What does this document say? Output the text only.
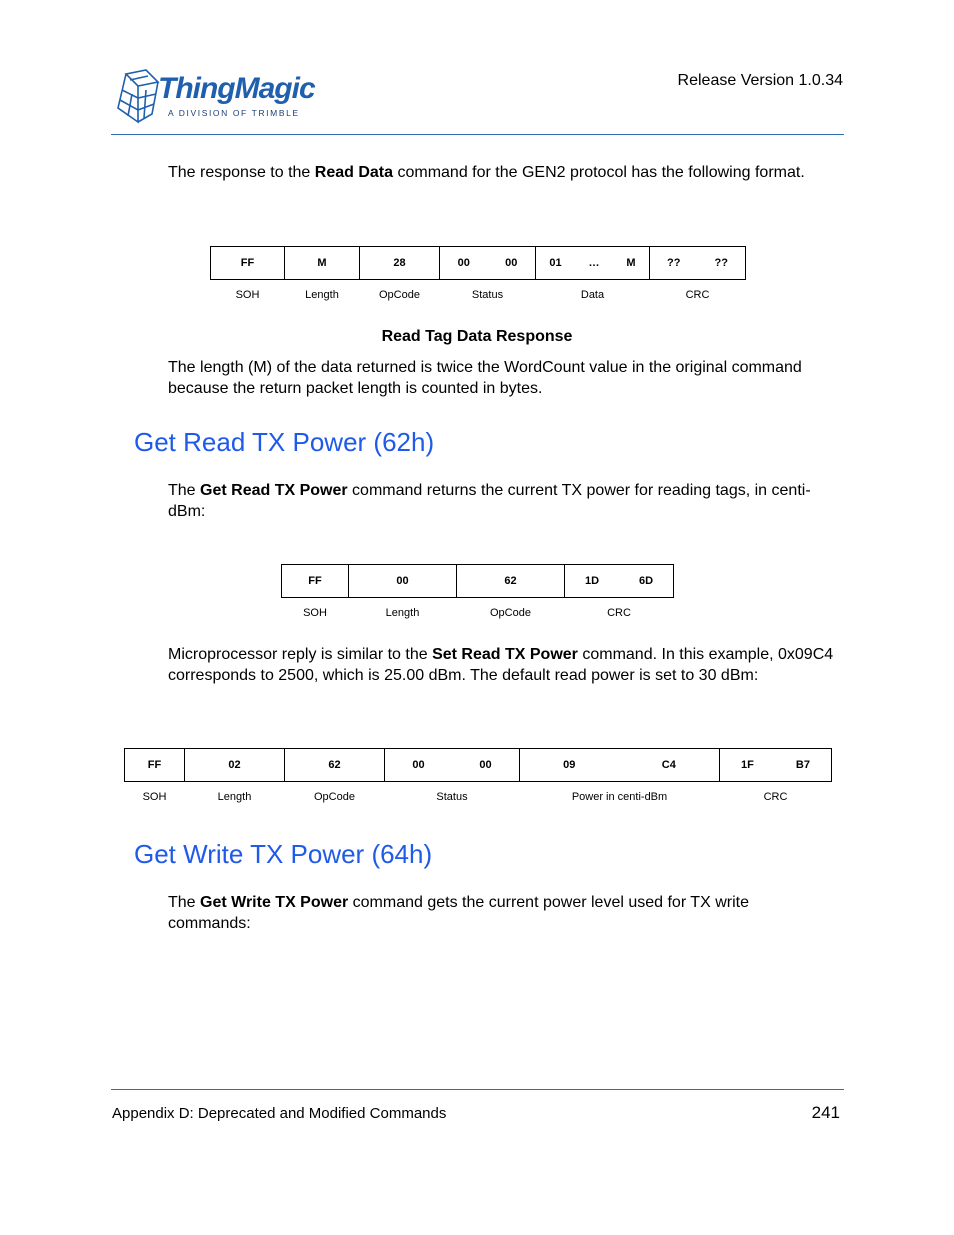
ThingMagic
A DIVISION OF TRIMBLE
Release Version 1.0.34
The response to the Read Data command for the GEN2 protocol has the following format.
FF	M	28	00 00	01 … M	?? ??

SOH	Length	OpCode	Status	Data	CRC
Read Tag Data Response
The length (M) of the data returned is twice the WordCount value in the original command because the return packet length is counted in bytes.
Get Read TX Power (62h)
The Get Read TX Power command returns the current TX power for reading tags, in centi-dBm:
FF	00	62	1D 6D

SOH	Length	OpCode	CRC
Microprocessor reply is similar to the Set Read TX Power command. In this example, 0x09C4 corresponds to 2500, which is 25.00 dBm. The default read power is set to 30 dBm:
FF	02	62	00 00	09 C4	1F B7

SOH	Length	OpCode	Status	Power in centi-dBm	CRC
Get Write TX Power (64h)
The Get Write TX Power command gets the current power level used for TX write commands:
Appendix D: Deprecated and Modified Commands	241
